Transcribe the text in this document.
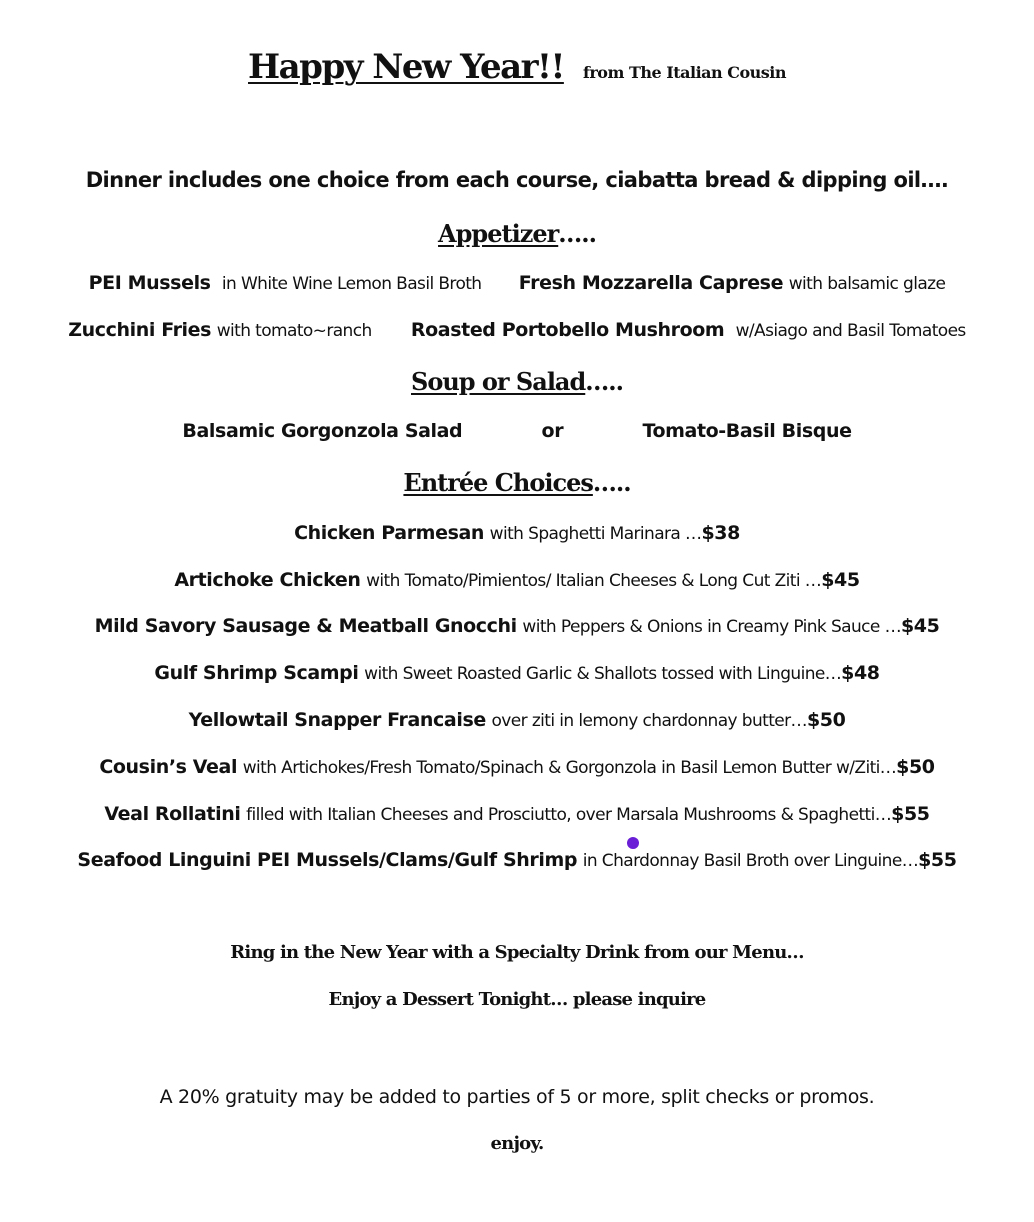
Happy New Year!! from The Italian Cousin
Dinner includes one choice from each course, ciabatta bread & dipping oil….
Appetizer…..
PEI Mussels in White Wine Lemon Basil Broth Fresh Mozzarella Caprese with balsamic glaze
Zucchini Fries with tomato~ranch Roasted Portobello Mushroom w/Asiago and Basil Tomatoes
Soup or Salad…..
Balsamic Gorgonzola Salad	or	Tomato-Basil Bisque
Entrée Choices…..
Chicken Parmesan with Spaghetti Marinara …$38
Artichoke Chicken with Tomato/Pimientos/ Italian Cheeses & Long Cut Ziti …$45
Mild Savory Sausage & Meatball Gnocchi with Peppers & Onions in Creamy Pink Sauce …$45
Gulf Shrimp Scampi with Sweet Roasted Garlic & Shallots tossed with Linguine…$48
Yellowtail Snapper Francaise over ziti in lemony chardonnay butter…$50
Cousin’s Veal with Artichokes/Fresh Tomato/Spinach & Gorgonzola in Basil Lemon Butter w/Ziti…$50
Veal Rollatini filled with Italian Cheeses and Prosciutto, over Marsala Mushrooms & Spaghetti…$55
Seafood Linguini PEI Mussels/Clams/Gulf Shrimp in Chardonnay Basil Broth over Linguine…$55
Ring in the New Year with a Specialty Drink from our Menu…
Enjoy a Dessert Tonight… please inquire
A 20% gratuity may be added to parties of 5 or more, split checks or promos.
enjoy.
